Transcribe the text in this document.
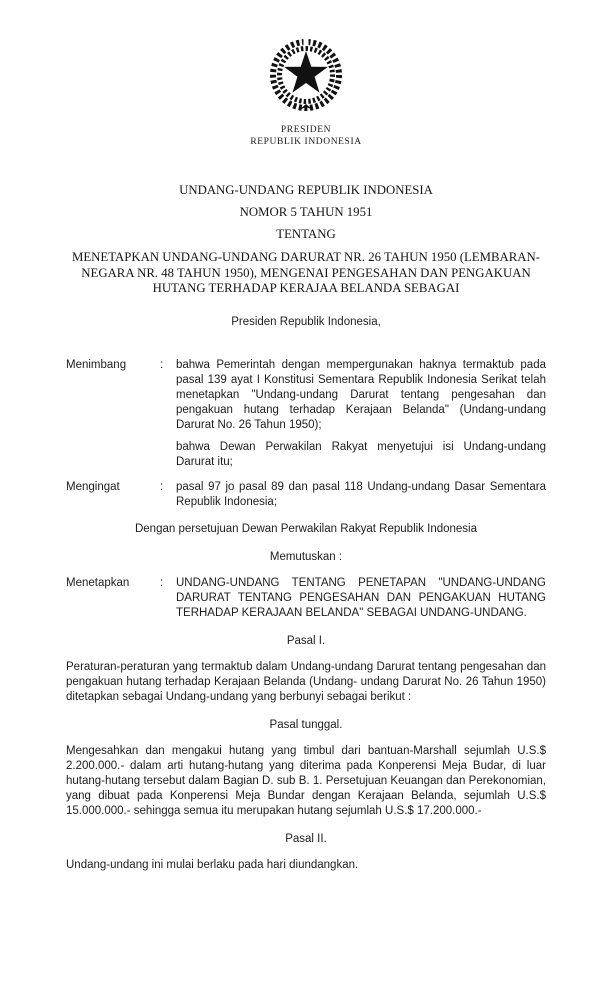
PRESIDEN
REPUBLIK INDONESIA
UNDANG-UNDANG REPUBLIK INDONESIA
NOMOR 5 TAHUN 1951
TENTANG
MENETAPKAN UNDANG-UNDANG DARURAT NR. 26 TAHUN 1950 (LEMBARAN-NEGARA NR. 48 TAHUN 1950), MENGENAI PENGESAHAN DAN PENGAKUAN HUTANG TERHADAP KERAJAA BELANDA SEBAGAI

Presiden Republik Indonesia,

Menimbang	:	bahwa Pemerintah dengan mempergunakan haknya termaktub pada pasal 139 ayat I Konstitusi Sementara Republik Indonesia Serikat telah menetapkan "Undang-undang Darurat tentang pengesahan dan pengakuan hutang terhadap Kerajaan Belanda" (Undang-undang Darurat No. 26 Tahun 1950);

bahwa Dewan Perwakilan Rakyat menyetujui isi Undang-undang Darurat itu;

Mengingat	:	pasal 97 jo pasal 89 dan pasal 118 Undang-undang Dasar Sementara Republik Indonesia;

Dengan persetujuan Dewan Perwakilan Rakyat Republik Indonesia

Memutuskan :

Menetapkan	:	UNDANG-UNDANG TENTANG PENETAPAN "UNDANG-UNDANG DARURAT TENTANG PENGESAHAN DAN PENGAKUAN HUTANG TERHADAP KERAJAAN BELANDA" SEBAGAI UNDANG-UNDANG.

Pasal I.

Peraturan-peraturan yang termaktub dalam Undang-undang Darurat tentang pengesahan dan pengakuan hutang terhadap Kerajaan Belanda (Undang- undang Darurat No. 26 Tahun 1950) ditetapkan sebagai Undang-undang yang berbunyi sebagai berikut :

Pasal tunggal.

Mengesahkan dan mengakui hutang yang timbul dari bantuan-Marshall sejumlah U.S.$ 2.200.000.- dalam arti hutang-hutang yang diterima pada Konperensi Meja Budar, di luar hutang-hutang tersebut dalam Bagian D. sub B. 1. Persetujuan Keuangan dan Perekonomian, yang dibuat pada Konperensi Meja Bundar dengan Kerajaan Belanda, sejumlah U.S.$ 15.000.000.- sehingga semua itu merupakan hutang sejumlah U.S.$ 17.200.000.-

Pasal II.

Undang-undang ini mulai berlaku pada hari diundangkan.
